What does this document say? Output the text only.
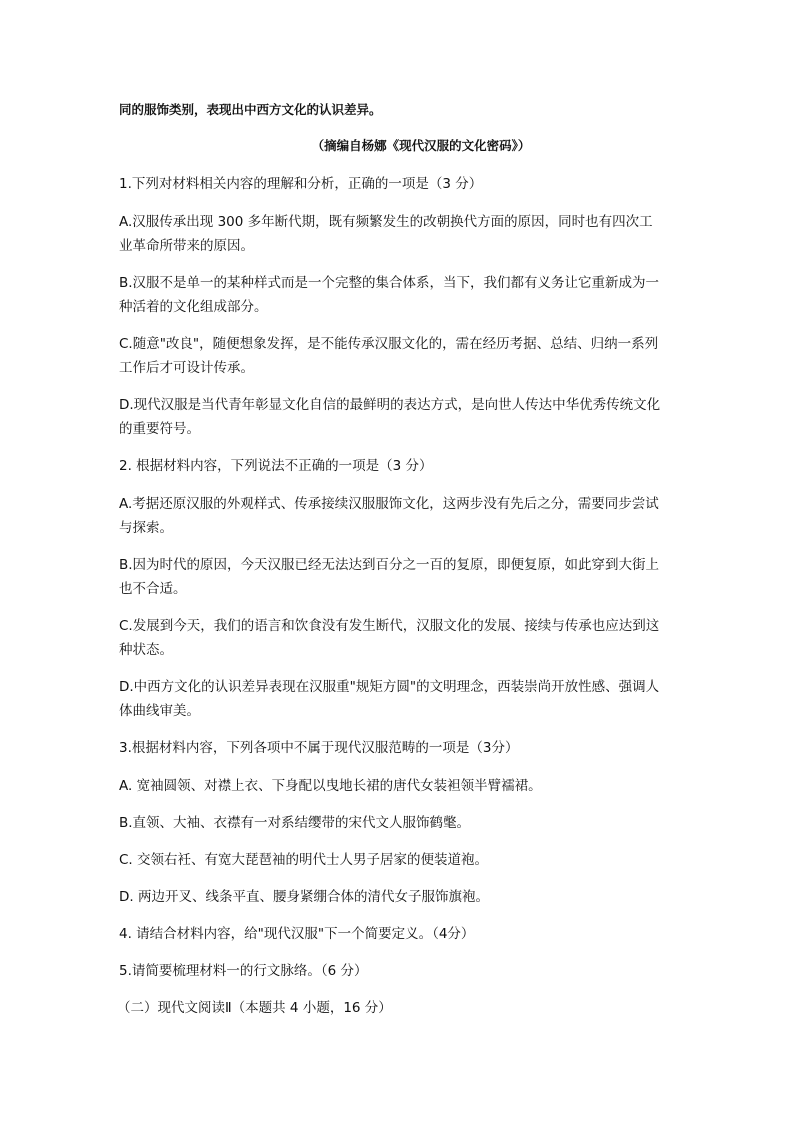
同的服饰类别，表现出中西方文化的认识差异。
（摘编自杨娜《现代汉服的文化密码》）
1.下列对材料相关内容的理解和分析，正确的一项是（3 分）
A.汉服传承出现 300 多年断代期，既有频繁发生的改朝换代方面的原因，同时也有四次工
业革命所带来的原因。
B.汉服不是单一的某种样式而是一个完整的集合体系，当下，我们都有义务让它重新成为一
种活着的文化组成部分。
C.随意"改良"，随便想象发挥，是不能传承汉服文化的，需在经历考据、总结、归纳一系列
工作后才可设计传承。
D.现代汉服是当代青年彰显文化自信的最鲜明的表达方式，是向世人传达中华优秀传统文化
的重要符号。
2. 根据材料内容，下列说法不正确的一项是（3 分）
A.考据还原汉服的外观样式、传承接续汉服服饰文化，这两步没有先后之分，需要同步尝试
与探索。
B.因为时代的原因，今天汉服已经无法达到百分之一百的复原，即便复原，如此穿到大街上
也不合适。
C.发展到今天，我们的语言和饮食没有发生断代，汉服文化的发展、接续与传承也应达到这
种状态。
D.中西方文化的认识差异表现在汉服重"规矩方圆"的文明理念，西装崇尚开放性感、强调人
体曲线审美。
3.根据材料内容，下列各项中不属于现代汉服范畴的一项是（3分）
A. 宽袖圆领、对襟上衣、下身配以曳地长裙的唐代女装袒领半臂襦裙。
B.直领、大袖、衣襟有一对系结缨带的宋代文人服饰鹤氅。
C. 交领右衽、有宽大琵琶袖的明代士人男子居家的便装道袍。
D. 两边开叉、线条平直、腰身紧绷合体的清代女子服饰旗袍。
4. 请结合材料内容，给"现代汉服"下一个简要定义。（4分）
5.请简要梳理材料一的行文脉络。（6 分）
（二）现代文阅读Ⅱ（本题共 4 小题，16 分）
